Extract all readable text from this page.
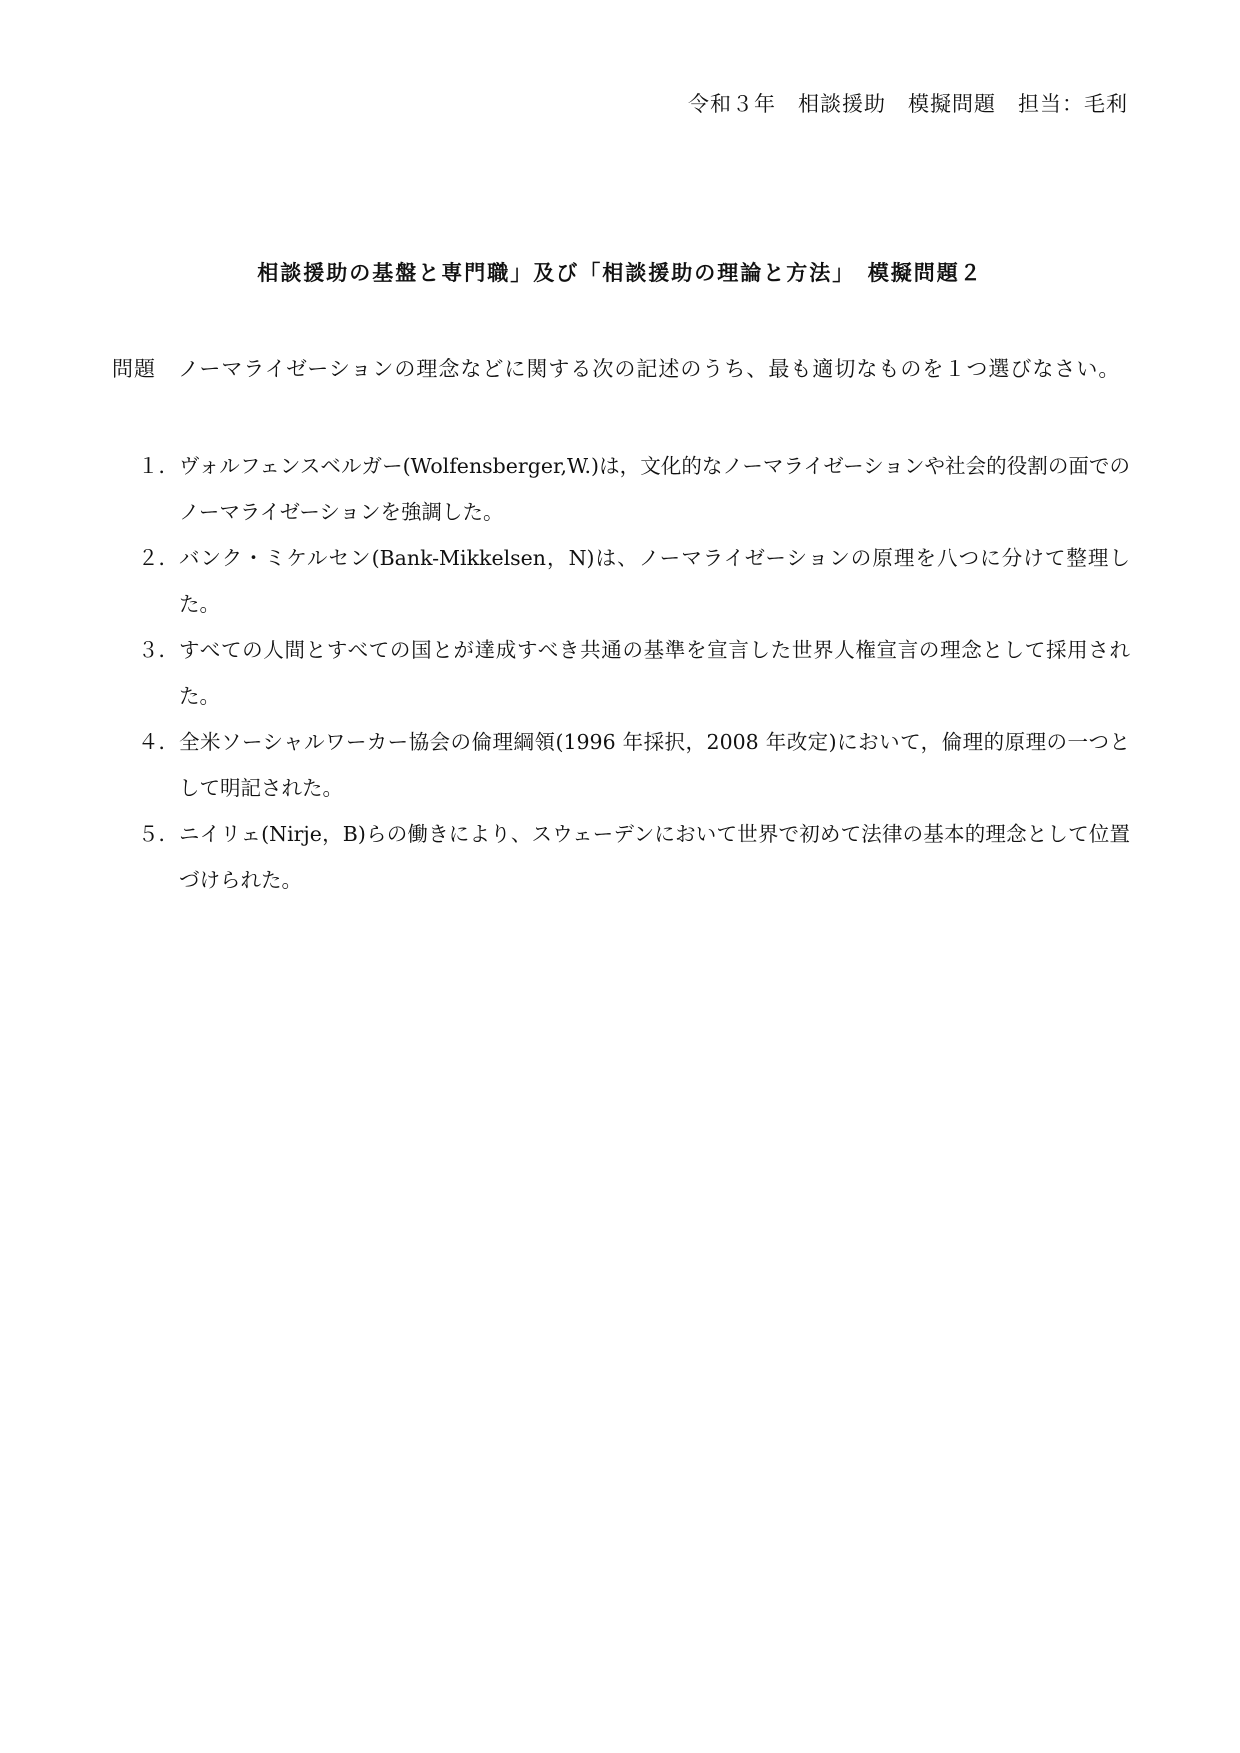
令和３年　相談援助　模擬問題　担当：毛利
相談援助の基盤と専門職」及び「相談援助の理論と方法」　模擬問題２
問題　ノーマライゼーションの理念などに関する次の記述のうち、最も適切なものを１つ選びなさい。
１． ヴォルフェンスベルガー(Wolfensberger,W.)は，文化的なノーマライゼーションや社会的役割の面でのノーマライゼーションを強調した。
２． バンク・ミケルセン(Bank-Mikkelsen，N)は、ノーマライゼーションの原理を八つに分けて整理した。
３． すべての人間とすべての国とが達成すべき共通の基準を宣言した世界人権宣言の理念として採用された。
４． 全米ソーシャルワーカー協会の倫理綱領(1996 年採択，2008 年改定)において，倫理的原理の一つとして明記された。
５． ニイリェ(Nirje，B)らの働きにより、スウェーデンにおいて世界で初めて法律の基本的理念として位置づけられた。
